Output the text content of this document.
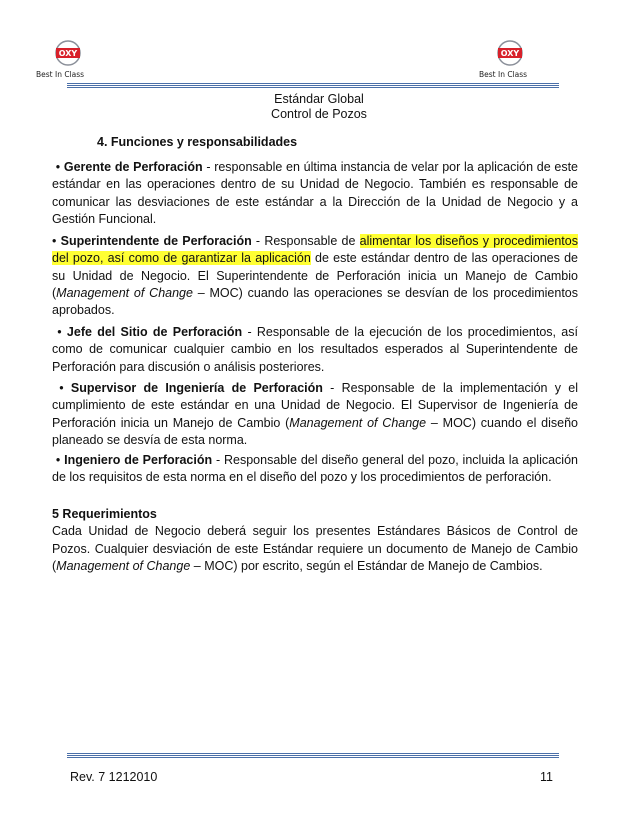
OXY	OXY
Best In Class	Best In Class
Estándar Global
Control de Pozos
4. Funciones y responsabilidades

• Gerente de Perforación - responsable en última instancia de velar por la aplicación de este estándar en las operaciones dentro de su Unidad de Negocio. También es responsable de comunicar las desviaciones de este estándar a la Dirección de la Unidad de Negocio y a Gestión Funcional.

• Superintendente de Perforación - Responsable de alimentar los diseños y procedimientos del pozo, así como de garantizar la aplicación de este estándar dentro de las operaciones de su Unidad de Negocio. El Superintendente de Perforación inicia un Manejo de Cambio (Management of Change – MOC) cuando las operaciones se desvían de los procedimientos aprobados.

• Jefe del Sitio de Perforación - Responsable de la ejecución de los procedimientos, así como de comunicar cualquier cambio en los resultados esperados al Superintendente de Perforación para discusión o análisis posteriores.

• Supervisor de Ingeniería de Perforación - Responsable de la implementación y el cumplimiento de este estándar en una Unidad de Negocio. El Supervisor de Ingeniería de Perforación inicia un Manejo de Cambio (Management of Change – MOC) cuando el diseño planeado se desvía de esta norma.

• Ingeniero de Perforación - Responsable del diseño general del pozo, incluida la aplicación de los requisitos de esta norma en el diseño del pozo y los procedimientos de perforación.

5 Requerimientos

Cada Unidad de Negocio deberá seguir los presentes Estándares Básicos de Control de Pozos. Cualquier desviación de este Estándar requiere un documento de Manejo de Cambio (Management of Change – MOC) por escrito, según el Estándar de Manejo de Cambios.

Rev. 7 1212010	11
